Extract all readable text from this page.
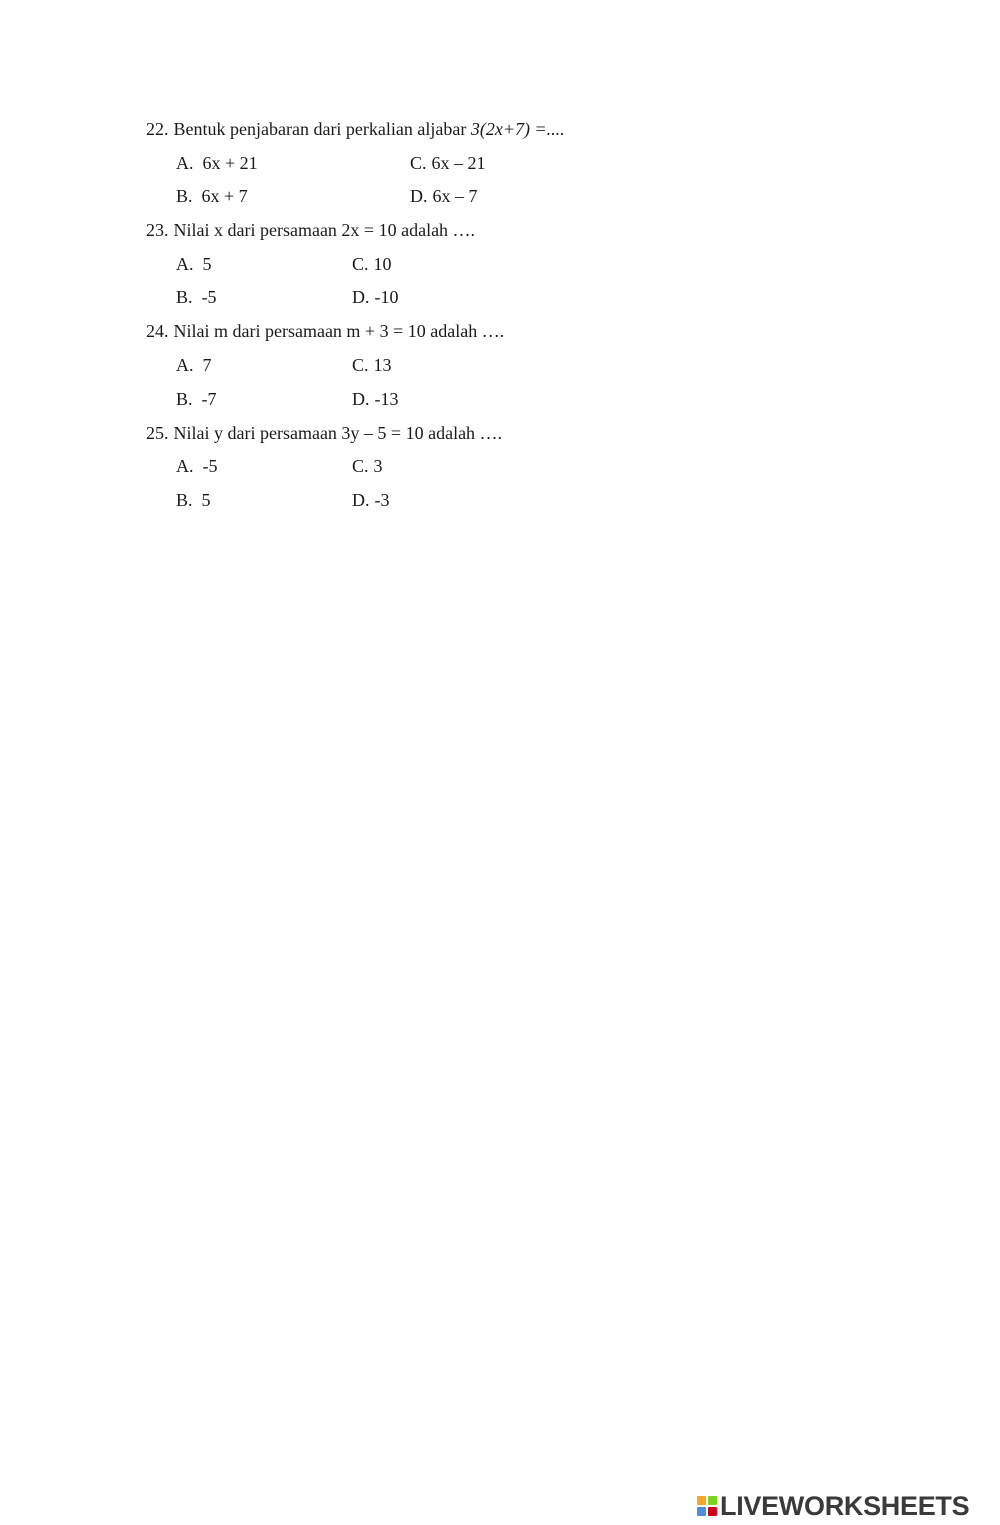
22. Bentuk penjabaran dari perkalian aljabar 3(2x+7) =....
A. 6x + 21	C. 6x – 21
B. 6x + 7	D. 6x – 7
23. Nilai x dari persamaan 2x = 10 adalah ….
A. 5	C. 10
B. -5	D. -10
24. Nilai m dari persamaan m + 3 = 10 adalah ….
A. 7	C. 13
B. -7	D. -13
25. Nilai y dari persamaan 3y – 5 = 10 adalah ….
A. -5	C. 3
B. 5	D. -3
LIVEWORKSHEETS
